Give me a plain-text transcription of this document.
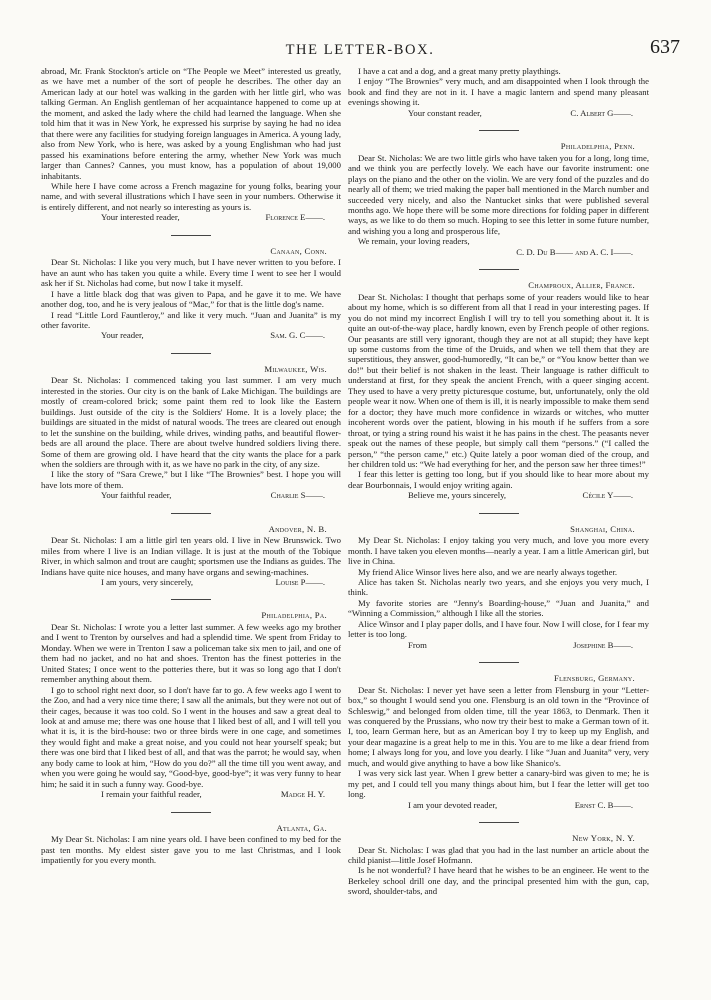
THE LETTER-BOX.	637

abroad, Mr. Frank Stockton's article on “The People we Meet” interested us greatly, as we have met a number of the sort of people he describes. The other day an American lady at our hotel was walking in the garden with her little girl, who was talking German. An English gentleman of her acquaintance happened to come up at the moment, and asked the lady where the child had learned the language. When she told him that it was in New York, he expressed his surprise by saying he had no idea that there were any facilities for studying foreign languages in America. A young lady, also from New York, who is here, was asked by a young Englishman who had just passed his examinations before entering the army, whether New York was much larger than Cannes? Cannes, you must know, has a population of about 19,000 inhabitants.

While here I have come across a French magazine for young folks, bearing your name, and with several illustrations which I have seen in your numbers. Otherwise it is entirely different, and not nearly so interesting as yours is.

Your interested reader,	Florence E——.
Canaan, Conn.

Dear St. Nicholas: I like you very much, but I have never written to you before. I have an aunt who has taken you quite a while. Every time I went to see her I would ask her if St. Nicholas had come, but now I take it myself.

I have a little black dog that was given to Papa, and he gave it to me. We have another dog, too, and he is very jealous of “Mac,” for that is the little dog's name.

I read “Little Lord Fauntleroy,” and like it very much. “Juan and Juanita” is my other favorite.

Your reader,	Sam. G. C——.
Milwaukee, Wis.

Dear St. Nicholas: I commenced taking you last summer. I am very much interested in the stories. Our city is on the bank of Lake Michigan. The buildings are mostly of cream-colored brick; some paint them red to look like the Eastern buildings. Just outside of the city is the Soldiers' Home. It is a lovely place; the buildings are situated in the midst of natural woods. The trees are cleared out enough to let the sunshine on the building, while drives, winding paths, and beautiful flower-beds are all around the place. There are about twelve hundred soldiers living there. Some of them are growing old. I have heard that the city wants the place for a park when the soldiers are through with it, as we have no park in the city, of any size.

I like the story of “Sara Crewe,” but I like “The Brownies” best. I hope you will have lots more of them.

Your faithful reader,	Charlie S——.
Andover, N. B.

Dear St. Nicholas: I am a little girl ten years old. I live in New Brunswick. Two miles from where I live is an Indian village. It is just at the mouth of the Tobique River, in which salmon and trout are caught; sportsmen use the Indians as guides. The Indians have quite nice houses, and many have organs and sewing-machines.

I am yours, very sincerely,	Louise P——.
Philadelphia, Pa.

Dear St. Nicholas: I wrote you a letter last summer. A few weeks ago my brother and I went to Trenton by ourselves and had a splendid time. We spent from Friday to Monday. When we were in Trenton I saw a policeman take six men to jail, and one of them had no jacket, and no hat and shoes. Trenton has the finest potteries in the United States; I once went to the potteries there, but it was so long ago that I don't remember anything about them.

I go to school right next door, so I don't have far to go. A few weeks ago I went to the Zoo, and had a very nice time there; I saw all the animals, but they were not out of their cages, because it was too cold. So I went in the houses and saw a great deal to look at and amuse me; there was one house that I liked best of all, and I will tell you what it is, it is the bird-house: two or three birds were in one cage, and sometimes they would fight and make a great noise, and you could not hear yourself speak; but there was one bird that I liked best of all, and that was the parrot; he would say, when any body came to look at him, “How do you do?” all the time till you went away, and when you were going he would say, “Good-bye, good-bye”; it was very funny to hear him; he said it in such a funny way. Good-bye.

I remain your faithful reader,	Madge H. Y.
Atlanta, Ga.

My Dear St. Nicholas: I am nine years old. I have been confined to my bed for the past ten months. My eldest sister gave you to me last Christmas, and I look impatiently for you every month.

I have a cat and a dog, and a great many pretty playthings.

I enjoy “The Brownies” very much, and am disappointed when I look through the book and find they are not in it. I have a magic lantern and spend many pleasant evenings showing it.

Your constant reader,	C. Albert G——.
Philadelphia, Penn.

Dear St. Nicholas: We are two little girls who have taken you for a long, long time, and we think you are perfectly lovely. We each have our favorite instrument: one plays on the piano and the other on the violin. We are very fond of the puzzles and do nearly all of them; we tried making the paper ball mentioned in the March number and succeeded very nicely, and also the Nantucket sinks that were published several months ago. We hope there will be some more directions for folding paper in different ways, as we like to do them so much. Hoping to see this letter in some future number, and wishing you a long and prosperous life,

We remain, your loving readers,

C. D. Du B—— and A. C. I——.
Champroux, Allier, France.

Dear St. Nicholas: I thought that perhaps some of your readers would like to hear about my home, which is so different from all that I read in your interesting pages. If you do not mind my incorrect English I will try to tell you something about it. It is quite an out-of-the-way place, hardly known, even by French people of other regions. Our peasants are still very ignorant, though they are not at all stupid; they have kept up some customs from the time of the Druids, and when we tell them that they are superstitious, they answer, good-humoredly, “It can be,” or “You know better than we do!” but their belief is not shaken in the least. Their language is rather difficult to understand at first, for they speak the ancient French, with a queer singing accent. They used to have a very pretty picturesque costume, but, unfortunately, only the old people wear it now. When one of them is ill, it is nearly impossible to make them send for a doctor; they have much more confidence in wizards or witches, who mutter incoherent words over the patient, blowing in his mouth if he suffers from a sore throat, or tying a string round his waist it he has pains in the chest. The peasants never speak out the names of these people, but simply call them “persons.” (“I called the person,” “the person came,” etc.) Quite lately a poor woman died of the croup, and her children told us: “We had everything for her, and the person saw her three times!”

I fear this letter is getting too long, but if you should like to hear more about my dear Bourbonnais, I would enjoy writing again.

Believe me, yours sincerely,	Cécile Y——.
Shanghai, China.

My Dear St. Nicholas: I enjoy taking you very much, and love you more every month. I have taken you eleven months—nearly a year. I am a little American girl, but live in China.

My friend Alice Winsor lives here also, and we are nearly always together.

Alice has taken St. Nicholas nearly two years, and she enjoys you very much, I think.

My favorite stories are “Jenny's Boarding-house,” “Juan and Juanita,” and “Winning a Commission,” although I like all the stories.

Alice Winsor and I play paper dolls, and I have four. Now I will close, for I fear my letter is too long.

From	Josephine B——.
Flensburg, Germany.

Dear St. Nicholas: I never yet have seen a letter from Flensburg in your “Letter-box,” so thought I would send you one. Flensburg is an old town in the “Province of Schleswig,” and belonged from olden time, till the year 1863, to Denmark. Then it was conquered by the Prussians, who now try their best to make a German town of it. I, too, learn German here, but as an American boy I try to keep up my English, and your dear magazine is a great help to me in this. You are to me like a dear friend from home; I always long for you, and love you dearly. I like “Juan and Juanita” very, very much, and would give anything to have a bow like Shanico's.

I was very sick last year. When I grew better a canary-bird was given to me; he is my pet, and I could tell you many things about him, but I fear the letter will get too long.

I am your devoted reader,	Ernst C. B——.
New York, N. Y.

Dear St. Nicholas: I was glad that you had in the last number an article about the child pianist—little Josef Hofmann.

Is he not wonderful? I have heard that he wishes to be an engineer. He went to the Berkeley school drill one day, and the principal presented him with the gun, cap, sword, shoulder-tabs, and
